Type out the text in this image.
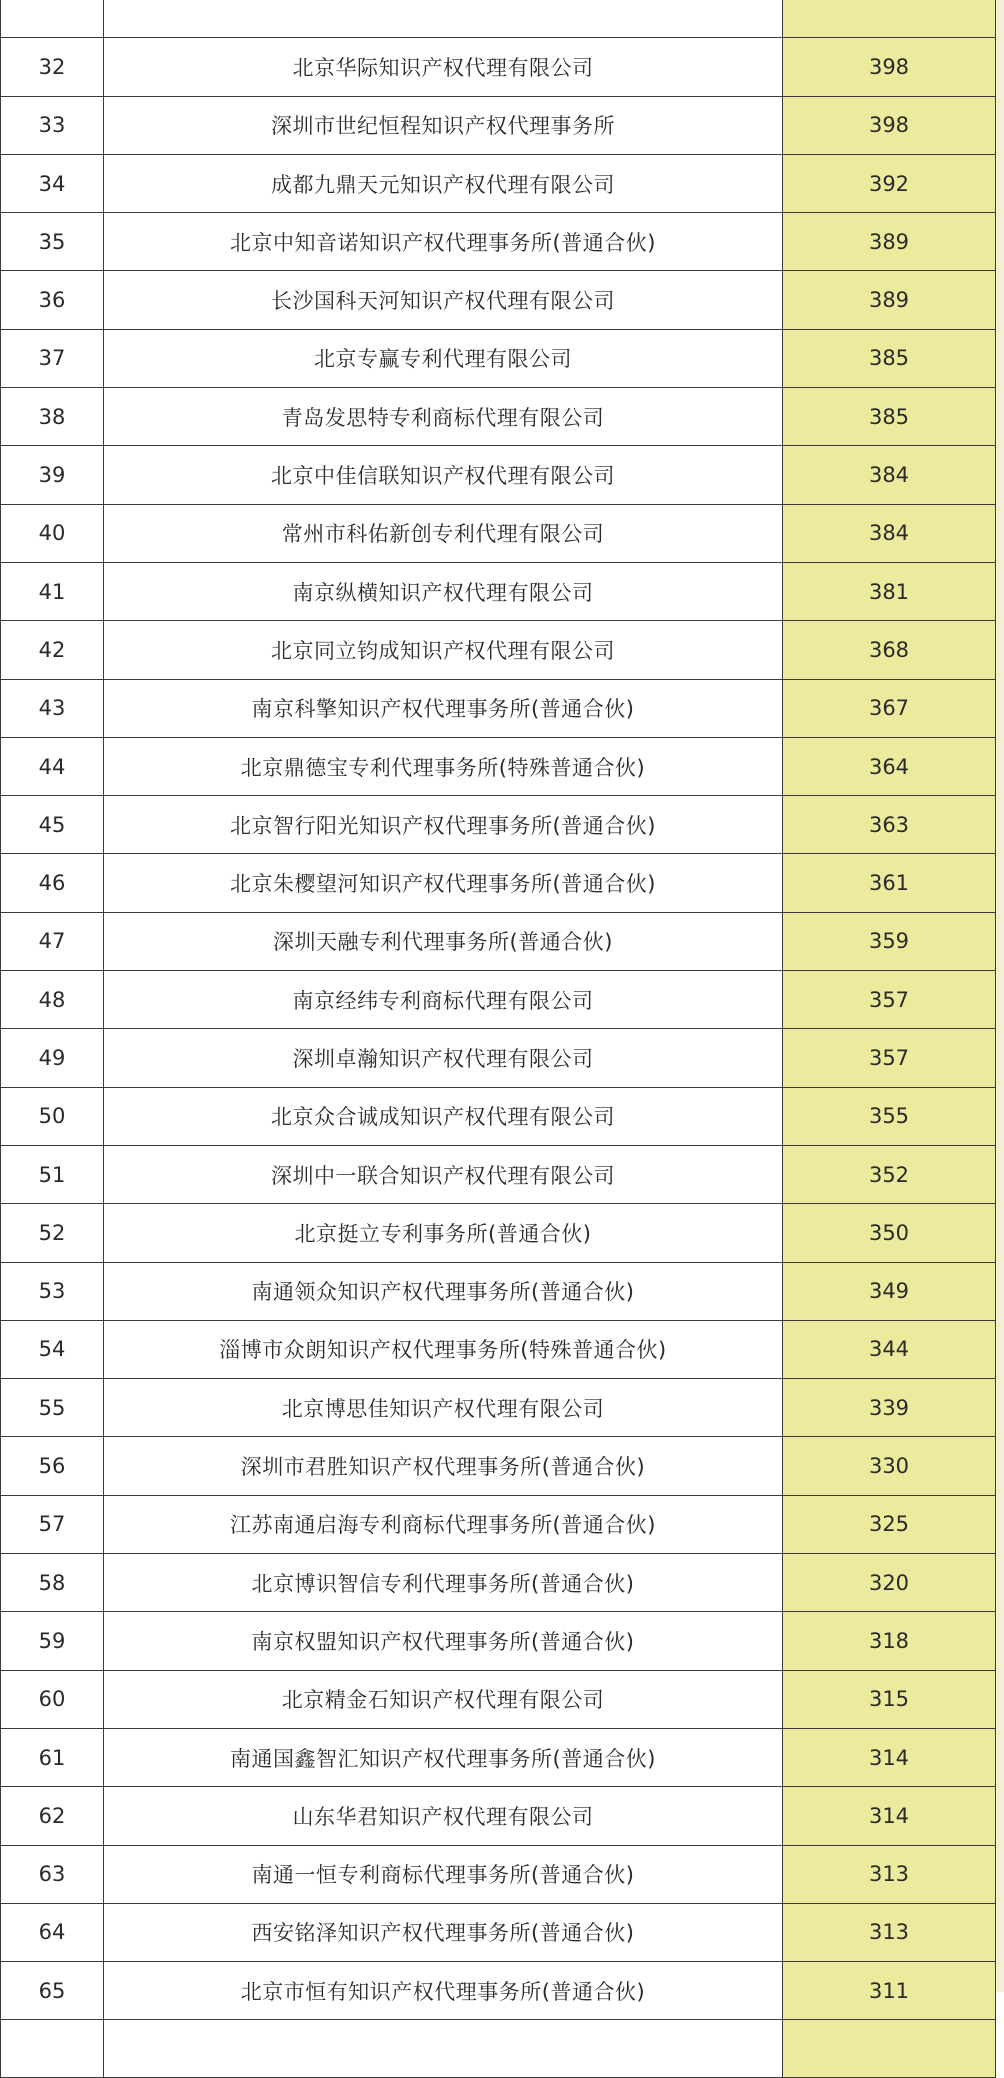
32	北京华际知识产权代理有限公司	398
33	深圳市世纪恒程知识产权代理事务所	398
34	成都九鼎天元知识产权代理有限公司	392
35	北京中知音诺知识产权代理事务所(普通合伙)	389
36	长沙国科天河知识产权代理有限公司	389
37	北京专赢专利代理有限公司	385
38	青岛发思特专利商标代理有限公司	385
39	北京中佳信联知识产权代理有限公司	384
40	常州市科佑新创专利代理有限公司	384
41	南京纵横知识产权代理有限公司	381
42	北京同立钧成知识产权代理有限公司	368
43	南京科擎知识产权代理事务所(普通合伙)	367
44	北京鼎德宝专利代理事务所(特殊普通合伙)	364
45	北京智行阳光知识产权代理事务所(普通合伙)	363
46	北京朱樱望河知识产权代理事务所(普通合伙)	361
47	深圳天融专利代理事务所(普通合伙)	359
48	南京经纬专利商标代理有限公司	357
49	深圳卓瀚知识产权代理有限公司	357
50	北京众合诚成知识产权代理有限公司	355
51	深圳中一联合知识产权代理有限公司	352
52	北京挺立专利事务所(普通合伙)	350
53	南通领众知识产权代理事务所(普通合伙)	349
54	淄博市众朗知识产权代理事务所(特殊普通合伙)	344
55	北京博思佳知识产权代理有限公司	339
56	深圳市君胜知识产权代理事务所(普通合伙)	330
57	江苏南通启海专利商标代理事务所(普通合伙)	325
58	北京博识智信专利代理事务所(普通合伙)	320
59	南京权盟知识产权代理事务所(普通合伙)	318
60	北京精金石知识产权代理有限公司	315
61	南通国鑫智汇知识产权代理事务所(普通合伙)	314
62	山东华君知识产权代理有限公司	314
63	南通一恒专利商标代理事务所(普通合伙)	313
64	西安铭泽知识产权代理事务所(普通合伙)	313
65	北京市恒有知识产权代理事务所(普通合伙)	311
